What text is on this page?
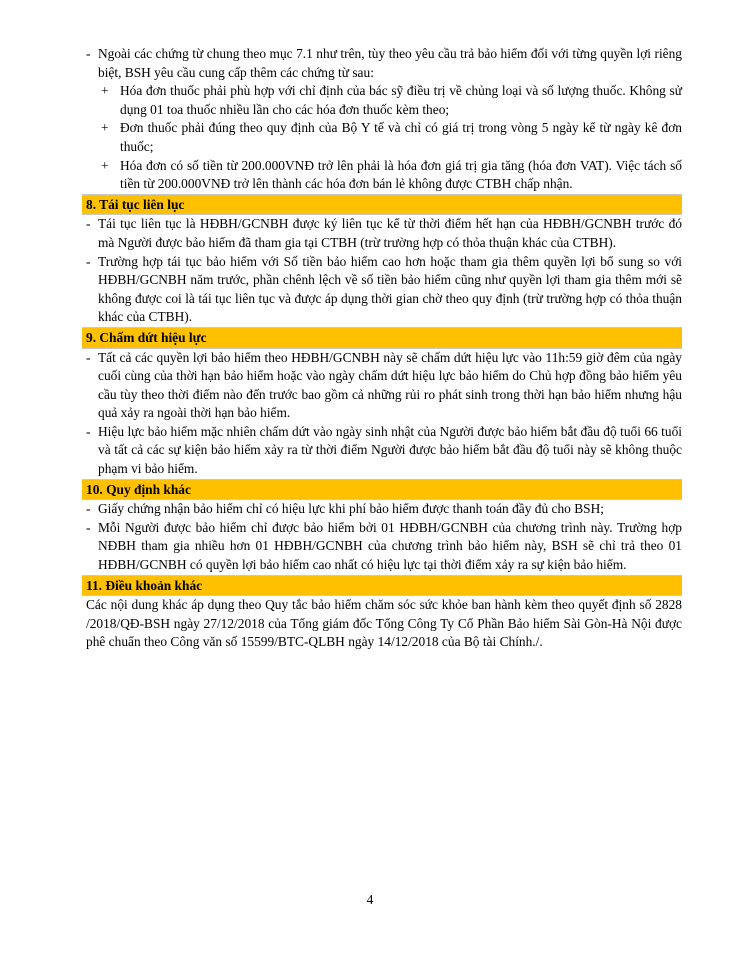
- Ngoài các chứng từ chung theo mục 7.1 như trên, tùy theo yêu cầu trả bảo hiểm đối với từng quyền lợi riêng biệt, BSH yêu cầu cung cấp thêm các chứng từ sau:
+ Hóa đơn thuốc phải phù hợp với chỉ định của bác sỹ điều trị về chủng loại và số lượng thuốc. Không sử dụng 01 toa thuốc nhiều lần cho các hóa đơn thuốc kèm theo;
+ Đơn thuốc phải đúng theo quy định của Bộ Y tế và chỉ có giá trị trong vòng 5 ngày kể từ ngày kê đơn thuốc;
+ Hóa đơn có số tiền từ 200.000VNĐ trở lên phải là hóa đơn giá trị gia tăng (hóa đơn VAT). Việc tách số tiền từ 200.000VNĐ trở lên thành các hóa đơn bán lẻ không được CTBH chấp nhận.
8. Tái tục liên lục
- Tái tục liên tục là HĐBH/GCNBH được ký liên tục kể từ thời điểm hết hạn của HĐBH/GCNBH trước đó mà Người được bảo hiểm đã tham gia tại CTBH (trừ trường hợp có thỏa thuận khác của CTBH).
- Trường hợp tái tục bảo hiểm với Số tiền bảo hiểm cao hơn hoặc tham gia thêm quyền lợi bổ sung so với HĐBH/GCNBH năm trước, phần chênh lệch về số tiền bảo hiểm cũng như quyền lợi tham gia thêm mới sẽ không được coi là tái tục liên tục và được áp dụng thời gian chờ theo quy định (trừ trường hợp có thỏa thuận khác của CTBH).
9. Chấm dứt hiệu lực
- Tất cả các quyền lợi bảo hiểm theo HĐBH/GCNBH này sẽ chấm dứt hiệu lực vào 11h:59 giờ đêm của ngày cuối cùng của thời hạn bảo hiểm hoặc vào ngày chấm dứt hiệu lực bảo hiểm do Chủ hợp đồng bảo hiểm yêu cầu tùy theo thời điểm nào đến trước bao gồm cả những rủi ro phát sinh trong thời hạn bảo hiểm nhưng hậu quả xảy ra ngoài thời hạn bảo hiểm.
- Hiệu lực bảo hiểm mặc nhiên chấm dứt vào ngày sinh nhật của Người được bảo hiểm bắt đầu độ tuổi 66 tuổi và tất cả các sự kiện bảo hiểm xảy ra từ thời điểm Người được bảo hiểm bắt đầu độ tuổi này sẽ không thuộc phạm vi bảo hiểm.
10. Quy định khác
- Giấy chứng nhận bảo hiểm chỉ có hiệu lực khi phí bảo hiểm được thanh toán đầy đủ cho BSH;
- Mỗi Người được bảo hiểm chỉ được bảo hiểm bởi 01 HĐBH/GCNBH của chương trình này. Trường hợp NĐBH tham gia nhiều hơn 01 HĐBH/GCNBH của chương trình bảo hiểm này, BSH sẽ chỉ trả theo 01 HĐBH/GCNBH có quyền lợi bảo hiểm cao nhất có hiệu lực tại thời điểm xảy ra sự kiện bảo hiểm.
11. Điều khoản khác
Các nội dung khác áp dụng theo Quy tắc bảo hiểm chăm sóc sức khỏe ban hành kèm theo quyết định số 2828 /2018/QĐ-BSH ngày 27/12/2018 của Tổng giám đốc Tổng Công Ty Cổ Phần Bảo hiểm Sài Gòn-Hà Nội được phê chuẩn theo Công văn số 15599/BTC-QLBH ngày 14/12/2018 của Bộ tài Chính./.
4
